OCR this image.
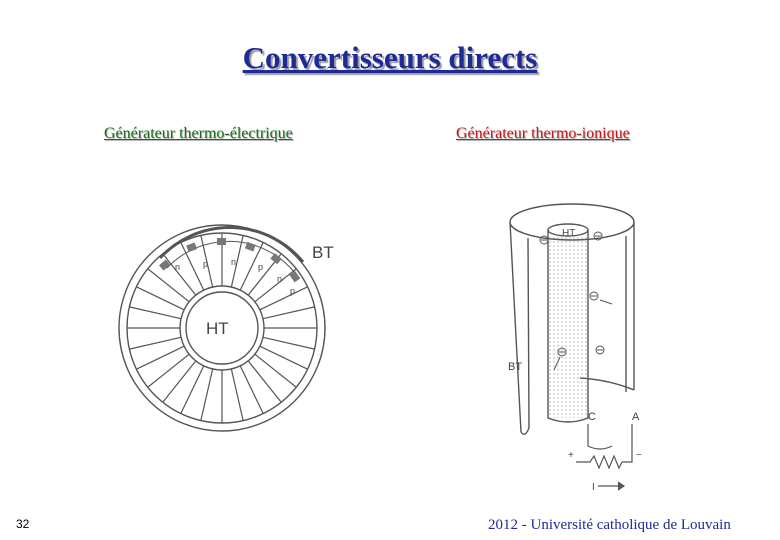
Convertisseurs directs
Générateur thermo-électrique	Générateur thermo-ionique
n	p	n p
n
p
BT
HT
HT
BT
C	A
+	−
I
32	2012 - Université catholique de Louvain
